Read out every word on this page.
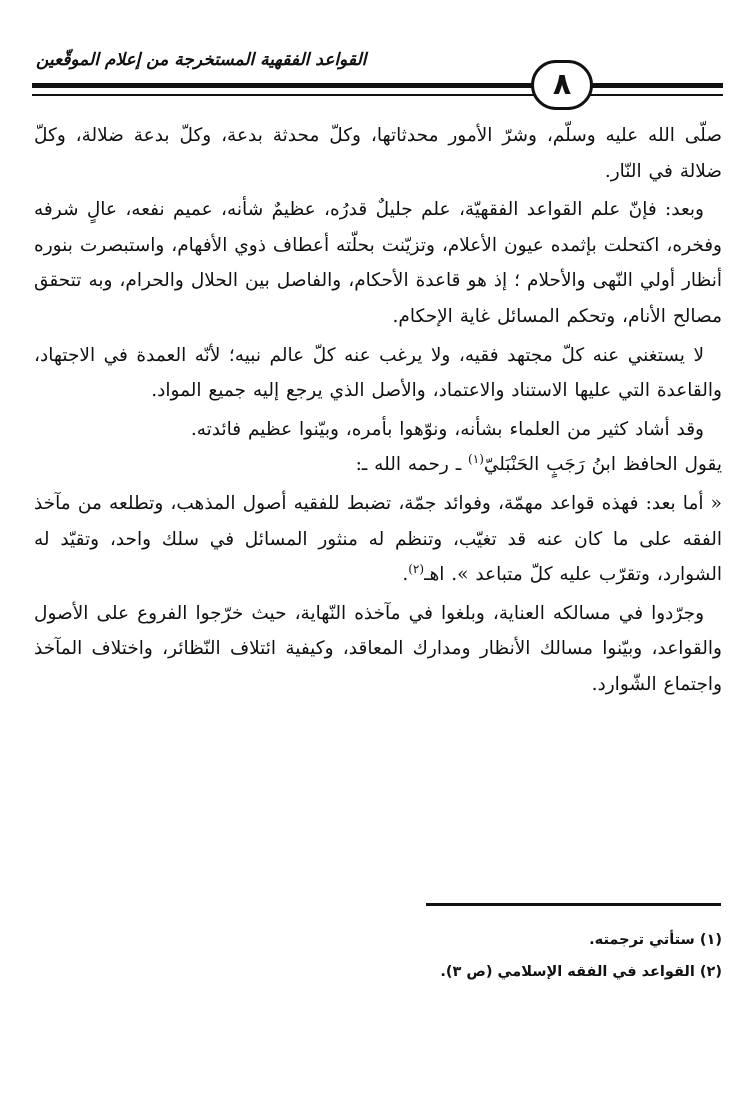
القواعد الفقهية المستخرجة من إعلام الموقّعين
٨

صلّى الله عليه وسلّم، وشرّ الأمور محدثاتها، وكلّ محدثة بدعة، وكلّ بدعة ضلالة، وكلّ ضلالة في النّار.

وبعد: فإنّ علم القواعد الفقهيّة، علم جليلٌ قدرُه، عظيمٌ شأنه، عميم نفعه، عالٍ شرفه وفخره، اكتحلت بإثمده عيون الأعلام، وتزيّنت بحلّته أعطاف ذوي الأفهام، واستبصرت بنوره أنظار أولي النّهى والأحلام ؛ إذ هو قاعدة الأحكام، والفاصل بين الحلال والحرام، وبه تتحقق مصالح الأنام، وتحكم المسائل غاية الإحكام.

لا يستغني عنه كلّ مجتهد فقيه، ولا يرغب عنه كلّ عالم نبيه؛ لأنّه العمدة في الاجتهاد، والقاعدة التي عليها الاستناد والاعتماد، والأصل الذي يرجع إليه جميع المواد.

وقد أشاد كثير من العلماء بشأنه، ونوّهوا بأمره، وبيّنوا عظيم فائدته.

يقول الحافظ ابنُ رَجَبٍ الحَنْبَليّ$^{(١)}$ ـ رحمه الله ـ:

« أما بعد: فهذه قواعد مهمّة، وفوائد جمّة، تضبط للفقيه أصول المذهب، وتطلعه من مآخذ الفقه على ما كان عنه قد تغيّب، وتنظم له منثور المسائل في سلك واحد، وتقيّد له الشوارد، وتقرّب عليه كلّ متباعد ». اهـ$^{(٢)}$.

وجرّدوا في مسالكه العناية، وبلغوا في مآخذه النّهاية، حيث خرّجوا الفروع على الأصول والقواعد، وبيّنوا مسالك الأنظار ومدارك المعاقد، وكيفية ائتلاف النّظائر، واختلاف المآخذ واجتماع الشّوارد.

(١) ستأتي ترجمته.
(٢) القواعد في الفقه الإسلامي (ص ٣).
